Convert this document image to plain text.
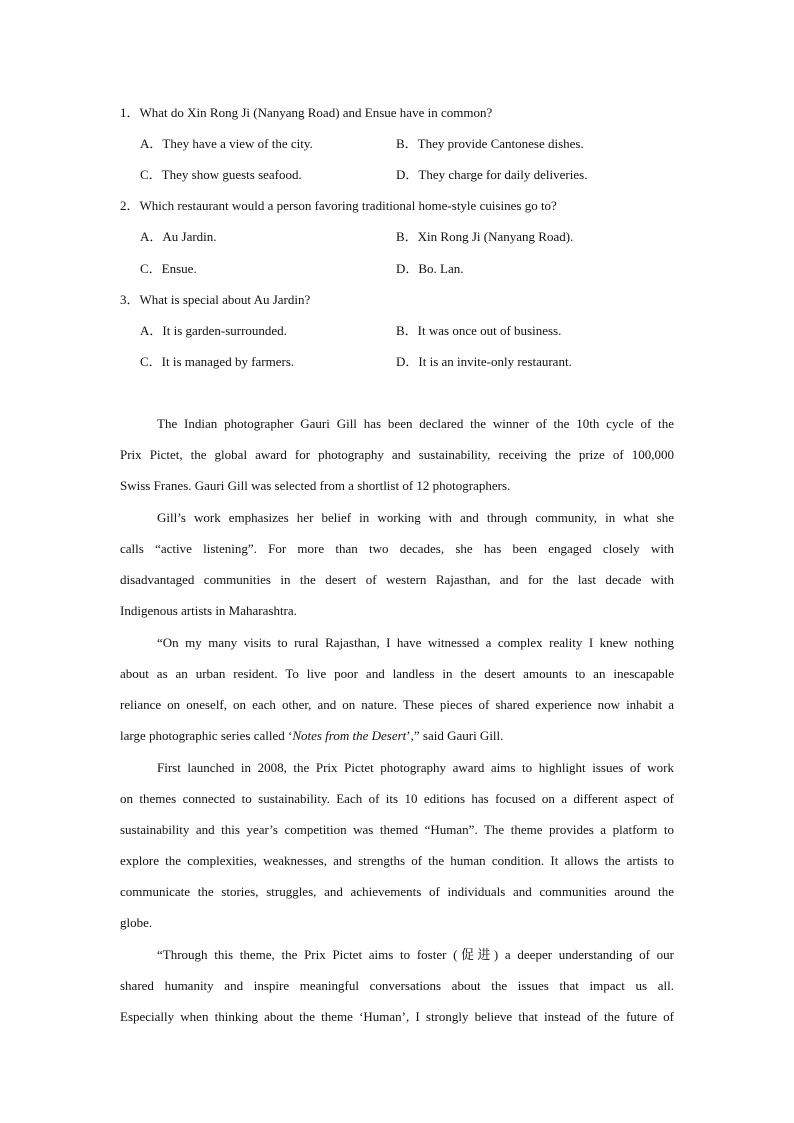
1．What do Xin Rong Ji (Nanyang Road) and Ensue have in common?
A．They have a view of the city.	B．They provide Cantonese dishes.
C．They show guests seafood.	D．They charge for daily deliveries.
2．Which restaurant would a person favoring traditional home-style cuisines go to?
A．Au Jardin.	B．Xin Rong Ji (Nanyang Road).
C．Ensue.	D．Bo. Lan.
3．What is special about Au Jardin?
A．It is garden-surrounded.	B．It was once out of business.
C．It is managed by farmers.	D．It is an invite-only restaurant.
The Indian photographer Gauri Gill has been declared the winner of the 10th cycle of the
Prix Pictet, the global award for photography and sustainability, receiving the prize of 100,000
Swiss Franes. Gauri Gill was selected from a shortlist of 12 photographers.
Gill’s work emphasizes her belief in working with and through community, in what she
calls “active listening”. For more than two decades, she has been engaged closely with
disadvantaged communities in the desert of western Rajasthan, and for the last decade with
Indigenous artists in Maharashtra.
“On my many visits to rural Rajasthan, I have witnessed a complex reality I knew nothing
about as an urban resident. To live poor and landless in the desert amounts to an inescapable
reliance on oneself, on each other, and on nature. These pieces of shared experience now inhabit a
large photographic series called ‘Notes from the Desert’,” said Gauri Gill.
First launched in 2008, the Prix Pictet photography award aims to highlight issues of work
on themes connected to sustainability. Each of its 10 editions has focused on a different aspect of
sustainability and this year’s competition was themed “Human”. The theme provides a platform to
explore the complexities, weaknesses, and strengths of the human condition. It allows the artists to
communicate the stories, struggles, and achievements of individuals and communities around the
globe.
“Through this theme, the Prix Pictet aims to foster (促进) a deeper understanding of our
shared humanity and inspire meaningful conversations about the issues that impact us all.
Especially when thinking about the theme ‘Human’, I strongly believe that instead of the future of
